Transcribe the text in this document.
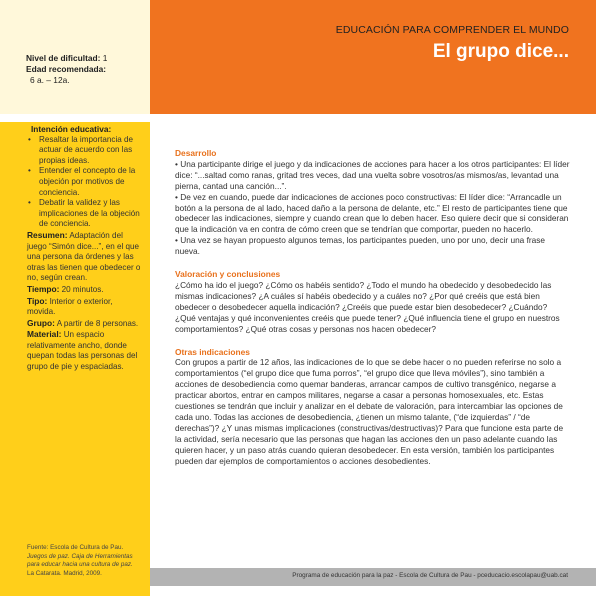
EDUCACIÓN PARA COMPRENDER EL MUNDO
El grupo dice...
Nivel de dificultad: 1
Edad recomendada:
6 a. – 12a.
Intención educativa:
• Resaltar la importancia de actuar de acuerdo con las propias ideas.
• Entender el concepto de la objeción por motivos de conciencia.
• Debatir la validez y las implicaciones de la objeción de conciencia.
Resumen: Adaptación del juego “Simón dice...”, en el que una persona da órdenes y las otras las tienen que obedecer o no, según crean.
Tiempo: 20 minutos.
Tipo: Interior o exterior, movida.
Grupo: A partir de 8 personas.
Material: Un espacio relativamente ancho, donde quepan todas las personas del grupo de pie y espaciadas.
Fuente: Escola de Cultura de Pau.
Juegos de paz. Caja de Herramientas para educar hacia una cultura de paz.
La Catarata. Madrid, 2009.
Desarrollo

• Una participante dirige el juego y da indicaciones de acciones para hacer a los otros participantes: El líder dice: “...saltad como ranas, gritad tres veces, dad una vuelta sobre vosotros/as mismos/as, levantad una pierna, cantad una canción...”.

• De vez en cuando, puede dar indicaciones de acciones poco constructivas: El líder dice: “Arrancadle un botón a la persona de al lado, haced daño a la persona de delante, etc.” El resto de participantes tiene que obedecer las indicaciones, siempre y cuando crean que lo deben hacer. Eso quiere decir que si consideran que la indicación va en contra de cómo creen que se tendrían que comportar, pueden no hacerlo.

• Una vez se hayan propuesto algunos temas, los participantes pueden, uno por uno, decir una frase nueva.

Valoración y conclusiones

¿Cómo ha ido el juego? ¿Cómo os habéis sentido? ¿Todo el mundo ha obedecido y desobedecido las mismas indicaciones? ¿A cuáles sí habéis obedecido y a cuáles no? ¿Por qué creéis que está bien obedecer o desobedecer aquella indicación? ¿Creéis que puede estar bien desobedecer? ¿Cuándo? ¿Qué ventajas y qué inconvenientes creéis que puede tener? ¿Qué influencia tiene el grupo en nuestros comportamientos? ¿Qué otras cosas y personas nos hacen obedecer?

Otras indicaciones

Con grupos a partir de 12 años, las indicaciones de lo que se debe hacer o no pueden referirse no solo a comportamientos (“el grupo dice que fuma porros”, “el grupo dice que lleva móviles”), sino también a acciones de desobediencia como quemar banderas, arrancar campos de cultivo transgénico, negarse a practicar abortos, entrar en campos militares, negarse a casar a personas homosexuales, etc. Estas cuestiones se tendrán que incluir y analizar en el debate de valoración, para intercambiar las opciones de cada uno. Todas las acciones de desobediencia, ¿tienen un mismo talante, (“de izquierdas” / “de derechas”)? ¿Y unas mismas implicaciones (constructivas/destructivas)? Para que funcione esta parte de la actividad, sería necesario que las personas que hagan las acciones den un paso adelante cuando las quieren hacer, y un paso atrás cuando quieran desobedecer. En esta versión, también los participantes pueden dar ejemplos de comportamientos o acciones desobedientes.

Programa de educación para la paz - Escola de Cultura de Pau - pceducacio.escolapau@uab.cat
